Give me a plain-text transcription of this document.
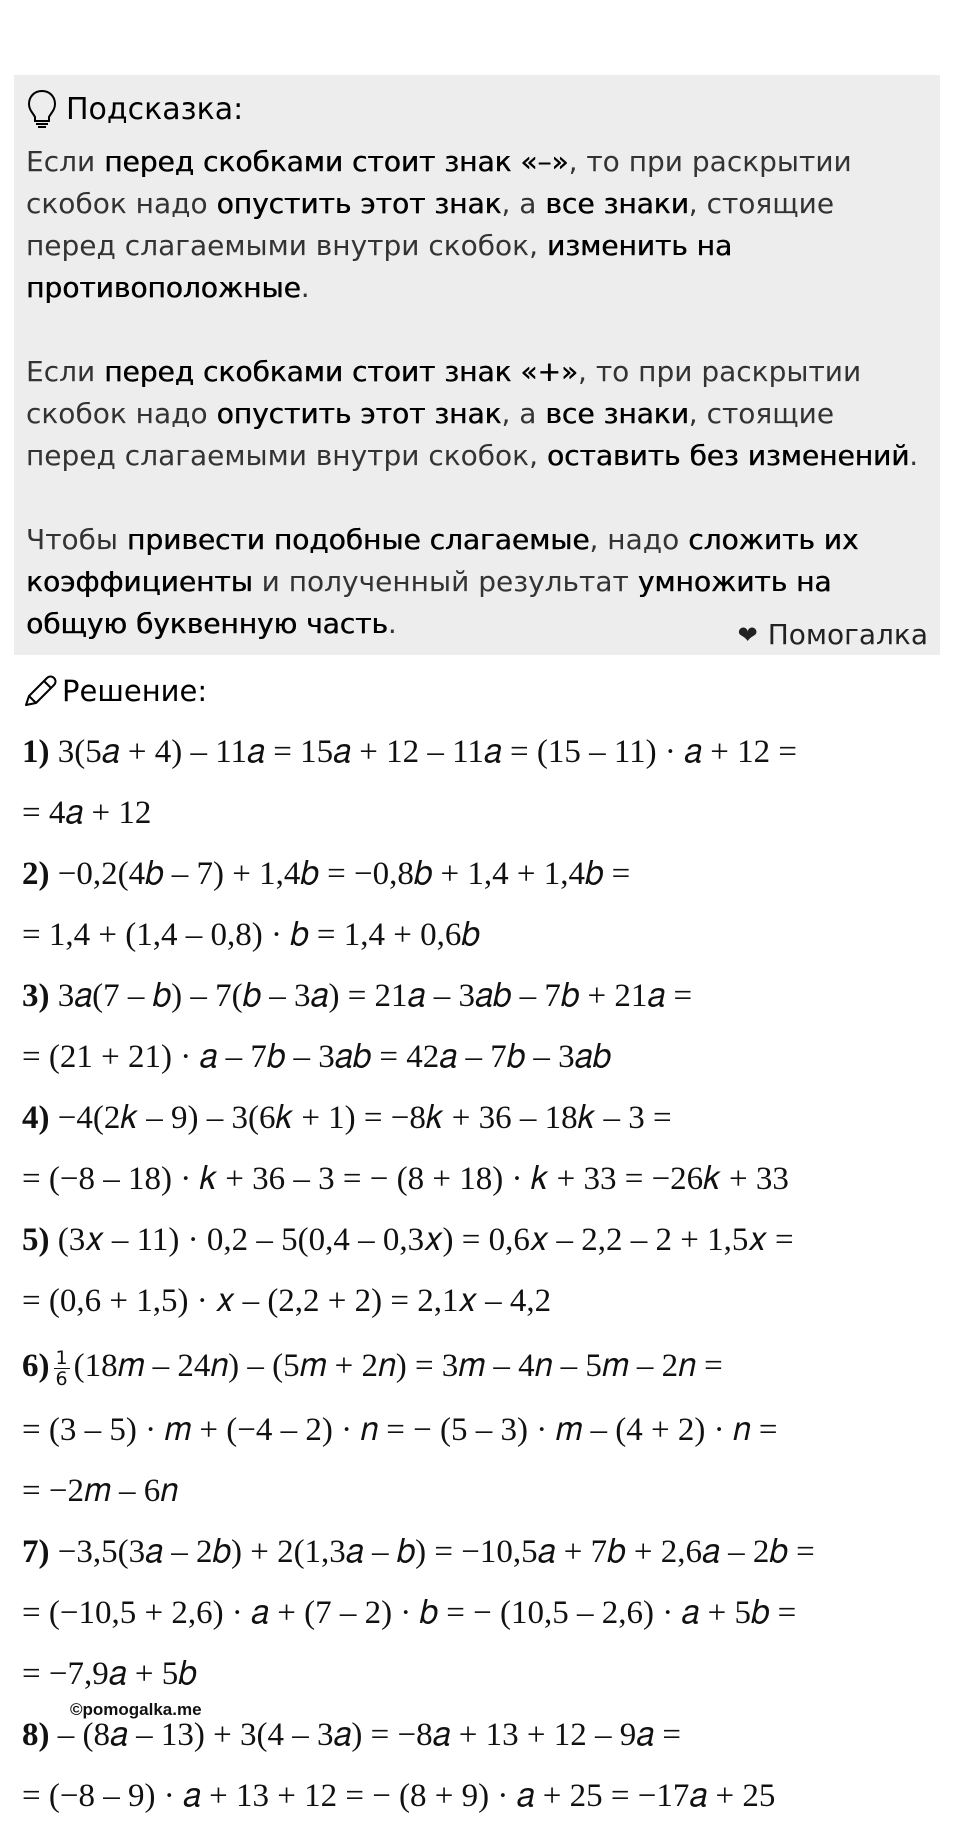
Подсказка:

Если перед скобками стоит знак «–», то при раскрытии скобок надо опустить этот знак, а все знаки, стоящие перед слагаемыми внутри скобок, изменить на противоположные.

Если перед скобками стоит знак «+», то при раскрытии скобок надо опустить этот знак, а все знаки, стоящие перед слагаемыми внутри скобок, оставить без изменений.

Чтобы привести подобные слагаемые, надо сложить их коэффициенты и полученный результат умножить на общую буквенную часть.	❤ Помогалка
Решение:
1) 3(5𝑎 + 4) – 11𝑎 = 15𝑎 + 12 – 11𝑎 = (15 – 11) · 𝑎 + 12 =
= 4𝑎 + 12
2) −0,2(4𝑏 – 7) + 1,4𝑏 = −0,8𝑏 + 1,4 + 1,4𝑏 =
= 1,4 + (1,4 – 0,8) · 𝑏 = 1,4 + 0,6𝑏
3) 3𝑎(7 – 𝑏) – 7(𝑏 – 3𝑎) = 21𝑎 – 3𝑎𝑏 – 7𝑏 + 21𝑎 =
= (21 + 21) · 𝑎 – 7𝑏 – 3𝑎𝑏 = 42𝑎 – 7𝑏 – 3𝑎𝑏
4) −4(2𝑘 – 9) – 3(6𝑘 + 1) = −8𝑘 + 36 – 18𝑘 – 3 =
= (−8 – 18) · 𝑘 + 36 – 3 = − (8 + 18) · 𝑘 + 33 = −26𝑘 + 33
5) (3𝑥 – 11) · 0,2 – 5(0,4 – 0,3𝑥) = 0,6𝑥 – 2,2 – 2 + 1,5𝑥 =
= (0,6 + 1,5) · 𝑥 – (2,2 + 2) = 2,1𝑥 – 4,2
$6) \frac{1}{6}$ (18𝑚 – 24𝑛) – (5𝑚 + 2𝑛) = 3𝑚 – 4𝑛 – 5𝑚 – 2𝑛 =
= (3 – 5) · 𝑚 + (−4 – 2) · 𝑛 = − (5 – 3) · 𝑚 – (4 + 2) · 𝑛 =
= −2𝑚 – 6𝑛
7) −3,5(3𝑎 – 2𝑏) + 2(1,3𝑎 – 𝑏) = −10,5𝑎 + 7𝑏 + 2,6𝑎 – 2𝑏 =
= (−10,5 + 2,6) · 𝑎 + (7 – 2) · 𝑏 = − (10,5 – 2,6) · 𝑎 + 5𝑏 =
= −7,9𝑎 + 5𝑏
8) – (8𝑎 – 13) + 3(4 – 3𝑎) = −8𝑎 + 13 + 12 – 9𝑎 =
= (−8 – 9) · 𝑎 + 13 + 12 = − (8 + 9) · 𝑎 + 25 = −17𝑎 + 25
©pomogalka.me
